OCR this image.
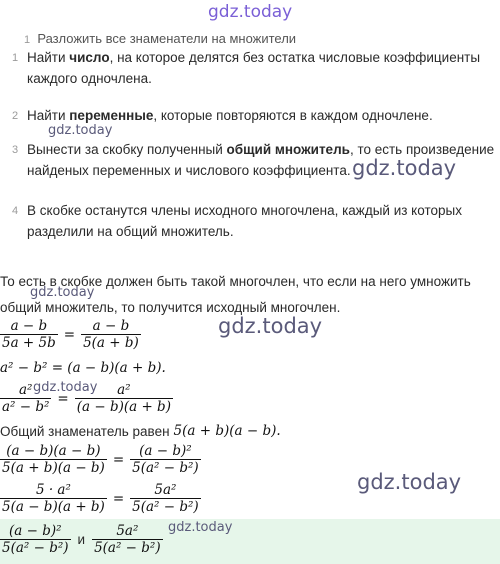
gdz.today
1 Разложить все знаменатели на множители
1 Найти число, на которое делятся без остатка числовые коэффициенты
каждого одночлена.
2 Найти переменные, которые повторяются в каждом одночлене.
gdz.today
3 Вынести за скобку полученный общий множитель, то есть произведение
найденых переменных и числового коэффициента. gdz.today
4 В скобке останутся члены исходного многочлена, каждый из которых
разделили на общий множитель.
То есть в скобке должен быть такой многочлен, что если на него умножить
gdz.today
общий множитель, то получится исходный многочлен.
$\frac{a - b}{5a + 5b} = \frac{a - b}{5(a + b)}$	gdz.today
a² − b² = (a − b)(a + b).
$\frac{\text{a²}}{\text{a² − b²}} = \frac{\text{a²}}{(a - b)(a + b)}$
gdz.today
Общий знаменатель равен 5(a + b)(a − b).
$\frac{(a - b)(a - b)}{5(a + b)(a - b)} = \frac{\text{(a − b)²}}{\text{5(a² − b²)}}$
gdz.today
$\frac{\text{5 · a²}}{5(a - b)(a + b)} = \frac{\text{5a²}}{\text{5(a² − b²)}}$
$\frac{\text{(a − b)²}}{\text{5(a² − b²)}}$ и $\frac{\text{5a²}}{\text{5(a² − b²)}}$ gdz.today
